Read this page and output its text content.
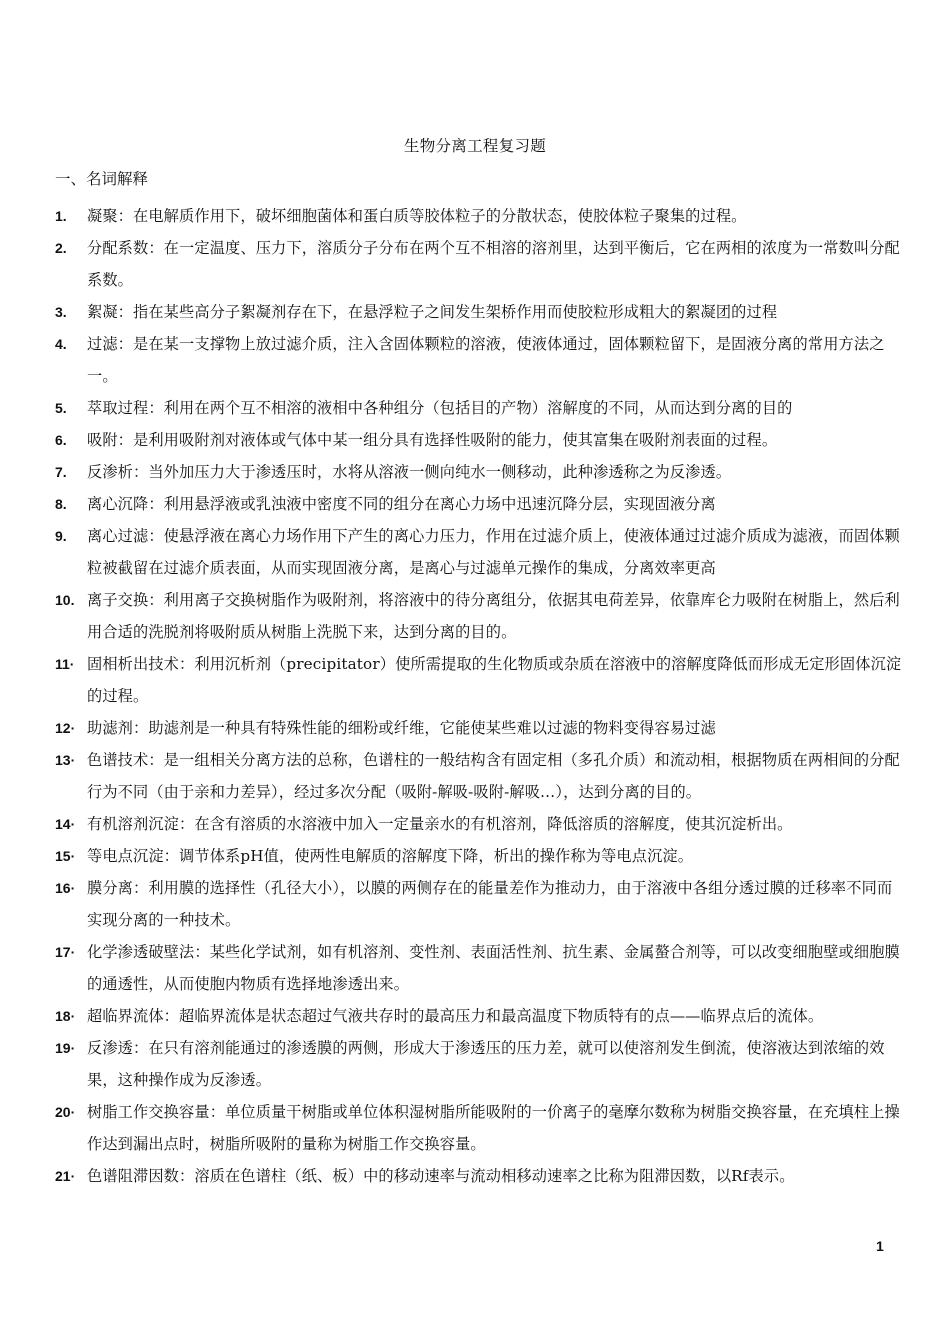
生物分离工程复习题
一、名词解释
1.	凝聚：在电解质作用下，破坏细胞菌体和蛋白质等胶体粒子的分散状态，使胶体粒子聚集的过程。
2.	分配系数：在一定温度、压力下，溶质分子分布在两个互不相溶的溶剂里，达到平衡后，它在两相的浓度为一常数叫分配系数。
3.	絮凝：指在某些高分子絮凝剂存在下，在悬浮粒子之间发生架桥作用而使胶粒形成粗大的絮凝团的过程
4.	过滤：是在某一支撑物上放过滤介质，注入含固体颗粒的溶液，使液体通过，固体颗粒留下，是固液分离的常用方法之一。
5.	萃取过程：利用在两个互不相溶的液相中各种组分（包括目的产物）溶解度的不同，从而达到分离的目的
6.	吸附：是利用吸附剂对液体或气体中某一组分具有选择性吸附的能力，使其富集在吸附剂表面的过程。
7.	反渗析：当外加压力大于渗透压时，水将从溶液一侧向纯水一侧移动，此种渗透称之为反渗透。
8.	离心沉降：利用悬浮液或乳浊液中密度不同的组分在离心力场中迅速沉降分层，实现固液分离
9.	离心过滤：使悬浮液在离心力场作用下产生的离心力压力，作用在过滤介质上，使液体通过过滤介质成为滤液，而固体颗粒被截留在过滤介质表面，从而实现固液分离，是离心与过滤单元操作的集成，分离效率更高
10. 离子交换：利用离子交换树脂作为吸附剂，将溶液中的待分离组分，依据其电荷差异，依靠库仑力吸附在树脂上，然后利用合适的洗脱剂将吸附质从树脂上洗脱下来，达到分离的目的。
11· 固相析出技术：利用沉析剂（precipitator）使所需提取的生化物质或杂质在溶液中的溶解度降低而形成无定形固体沉淀的过程。
12· 助滤剂：助滤剂是一种具有特殊性能的细粉或纤维，它能使某些难以过滤的物料变得容易过滤
13· 色谱技术：是一组相关分离方法的总称，色谱柱的一般结构含有固定相（多孔介质）和流动相，根据物质在两相间的分配行为不同（由于亲和力差异），经过多次分配（吸附-解吸-吸附-解吸…），达到分离的目的。
14· 有机溶剂沉淀：在含有溶质的水溶液中加入一定量亲水的有机溶剂，降低溶质的溶解度，使其沉淀析出。
15· 等电点沉淀：调节体系pH值，使两性电解质的溶解度下降，析出的操作称为等电点沉淀。
16· 膜分离：利用膜的选择性（孔径大小），以膜的两侧存在的能量差作为推动力，由于溶液中各组分透过膜的迁移率不同而实现分离的一种技术。
17· 化学渗透破壁法：某些化学试剂，如有机溶剂、变性剂、表面活性剂、抗生素、金属螯合剂等，可以改变细胞壁或细胞膜的通透性，从而使胞内物质有选择地渗透出来。
18· 超临界流体：超临界流体是状态超过气液共存时的最高压力和最高温度下物质特有的点——临界点后的流体。
19· 反渗透：在只有溶剂能通过的渗透膜的两侧，形成大于渗透压的压力差，就可以使溶剂发生倒流，使溶液达到浓缩的效果，这种操作成为反渗透。
20· 树脂工作交换容量：单位质量干树脂或单位体积湿树脂所能吸附的一价离子的毫摩尔数称为树脂交换容量，在充填柱上操作达到漏出点时，树脂所吸附的量称为树脂工作交换容量。
21· 色谱阻滞因数：溶质在色谱柱（纸、板）中的移动速率与流动相移动速率之比称为阻滞因数，以Rf表示。
1
